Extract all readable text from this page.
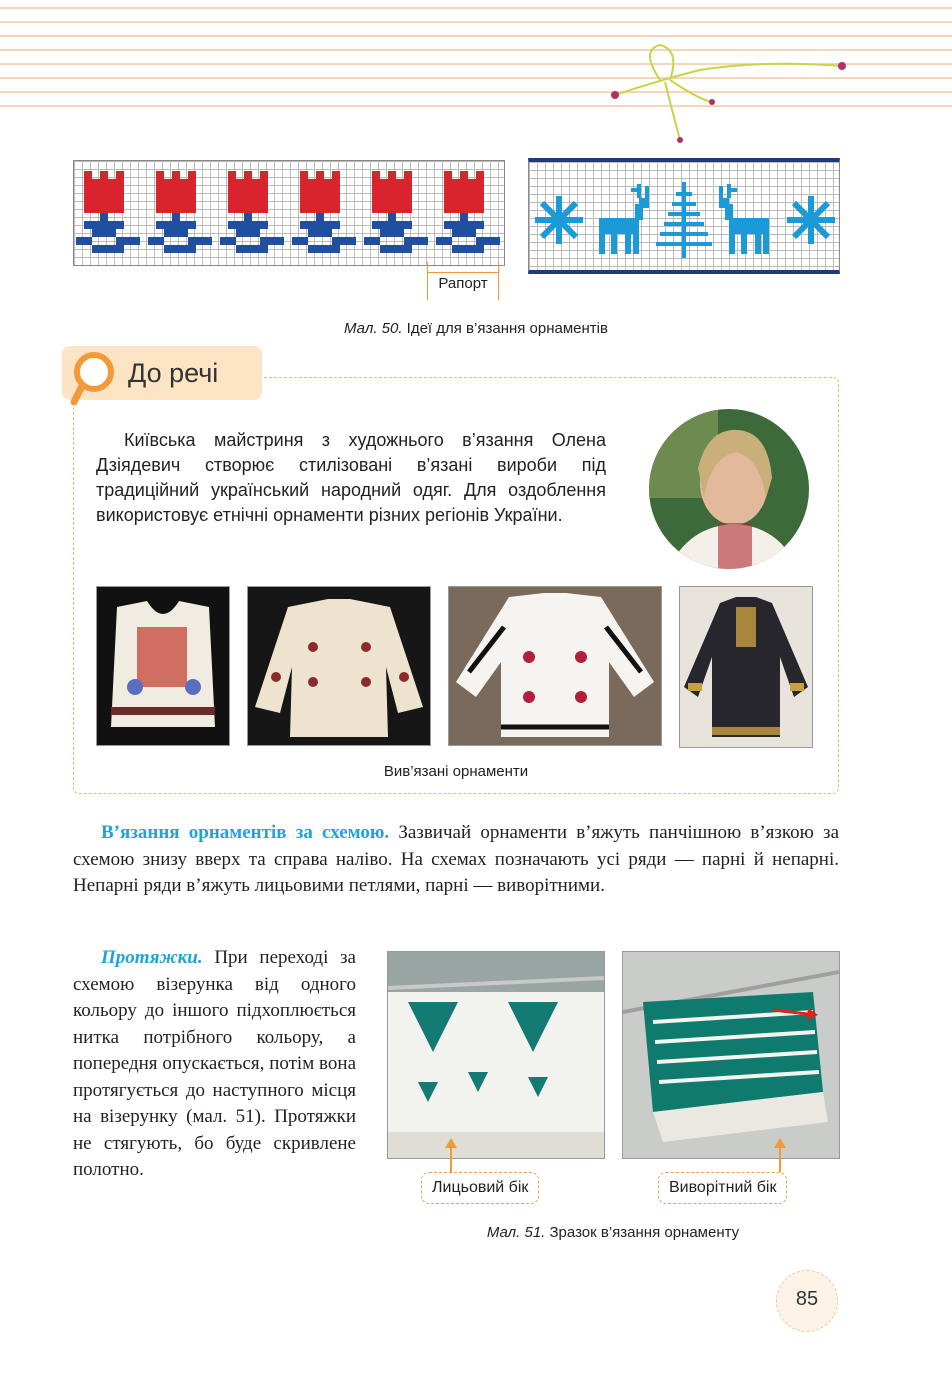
Рапорт
Мал. 50. Ідеї для в’язання орнаментів
До речі
Київська майстриня з художнього в’язання Олена Дзіядевич створює стилізовані в’язані вироби під традиційний український народний одяг. Для оздоблення використовує етнічні орнаменти різних регіонів України.
Вив’язані орнаменти
В’язання орнаментів за схемою. Зазвичай орнаменти в’яжуть панчішною в’язкою за схемою знизу вверх та справа наліво. На схемах позначають усі ряди — парні й непарні. Непарні ряди в’яжуть лицьовими петлями, парні — виворітними.
Протяжки. При переході за схемою візерунка від одного кольору до іншого підхоплюється нитка потрібного кольору, а попередня опускається, потім вона протягується до наступного місця на візерунку (мал. 51). Протяжки не стягують, бо буде скривлене полотно.
Лицьовий бік	Виворітний бік
Мал. 51. Зразок в’язання орнаменту
85
